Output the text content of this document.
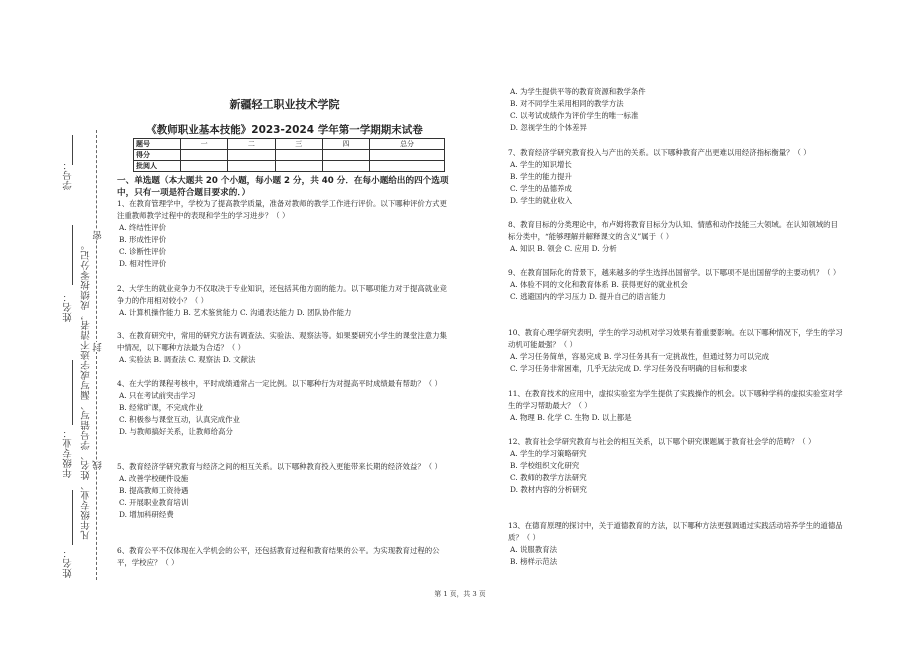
学号：
姓名：
年级专业：
姓名：
凡年级专业、姓名、学号错写、漏写或字迹不清者，成绩按零分记。
密
封
线
新疆轻工职业技术学院
《教师职业基本技能》2023-2024 学年第一学期期末试卷
题号	一	二	三	四	总分
得分					
批阅人					
一、单选题（本大题共 20 个小题，每小题 2 分，共 40 分．在每小题给出的四个选项中，只有一项是符合题目要求的．）

1、在教育管理学中，学校为了提高教学质量，准备对教师的教学工作进行评价。以下哪种评价方式更注重教师教学过程中的表现和学生的学习进步？（ ）

A. 终结性评价

B. 形成性评价

C. 诊断性评价

D. 相对性评价

2、大学生的就业竞争力不仅取决于专业知识，还包括其他方面的能力。以下哪项能力对于提高就业竞争力的作用相对较小？（ ）

A. 计算机操作能力 B. 艺术鉴赏能力 C. 沟通表达能力 D. 团队协作能力

3、在教育研究中，常用的研究方法有调查法、实验法、观察法等。如果要研究小学生的课堂注意力集中情况，以下哪种方法最为合适？（ ）

A. 实验法 B. 调查法 C. 观察法 D. 文献法

4、在大学的课程考核中，平时成绩通常占一定比例。以下哪种行为对提高平时成绩最有帮助？（ ）

A. 只在考试前突击学习

B. 经常旷课，不完成作业

C. 积极参与课堂互动，认真完成作业

D. 与教师搞好关系，让教师给高分

5、教育经济学研究教育与经济之间的相互关系。以下哪种教育投入更能带来长期的经济效益？（ ）

A. 改善学校硬件设施

B. 提高教师工资待遇

C. 开展职业教育培训

D. 增加科研经费

6、教育公平不仅体现在入学机会的公平，还包括教育过程和教育结果的公平。为实现教育过程的公平，学校应？（ ）

A. 为学生提供平等的教育资源和教学条件

B. 对不同学生采用相同的教学方法

C. 以考试成绩作为评价学生的唯一标准

D. 忽视学生的个体差异

7、教育经济学研究教育投入与产出的关系。以下哪种教育产出更难以用经济指标衡量？（ ）

A. 学生的知识增长

B. 学生的能力提升

C. 学生的品德养成

D. 学生的就业收入

8、教育目标的分类理论中，布卢姆将教育目标分为认知、情感和动作技能三大领域。在认知领域的目标分类中，“能够理解并解释课文的含义”属于（ ）

A. 知识 B. 领会 C. 应用 D. 分析

9、在教育国际化的背景下，越来越多的学生选择出国留学。以下哪项不是出国留学的主要动机？（ ）

A. 体验不同的文化和教育体系 B. 获得更好的就业机会

C. 逃避国内的学习压力 D. 提升自己的语言能力

10、教育心理学研究表明，学生的学习动机对学习效果有着重要影响。在以下哪种情况下，学生的学习动机可能最强？（ ）

A. 学习任务简单，容易完成 B. 学习任务具有一定挑战性，但通过努力可以完成

C. 学习任务非常困难，几乎无法完成 D. 学习任务没有明确的目标和要求

11、在教育技术的应用中，虚拟实验室为学生提供了实践操作的机会。以下哪种学科的虚拟实验室对学生的学习帮助最大？（ ）

A. 物理 B. 化学 C. 生物 D. 以上都是

12、教育社会学研究教育与社会的相互关系，以下哪个研究课题属于教育社会学的范畴？（ ）

A. 学生的学习策略研究

B. 学校组织文化研究

C. 教师的教学方法研究

D. 教材内容的分析研究

13、在德育原理的探讨中，关于道德教育的方法，以下哪种方法更强调通过实践活动培养学生的道德品质？（ ）

A. 说服教育法

B. 榜样示范法

第 1 页，共 3 页
